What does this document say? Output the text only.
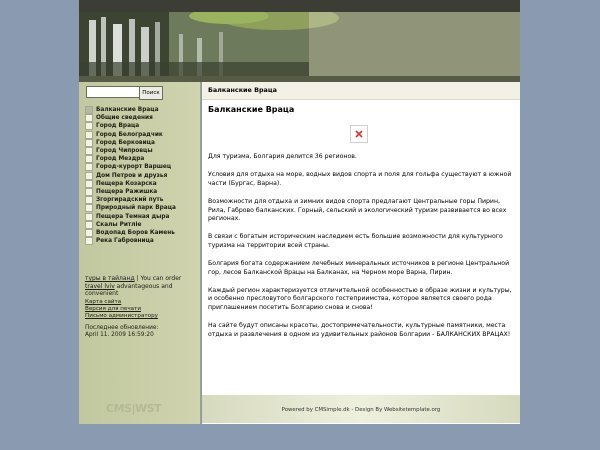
Поиск
Балканские Враца
Общие сведения
Город Враца
Город Белоградчик
Город Берковица
Город Чипровцы
Город Мездра
Город-курорт Варшец
Дом Петров и друзья
Пещера Козарска
Пещера Ражишка
Згоргирадский путь
Природный парк Враца
Пещера Темная дыра
Скалы Ритлiе
Водопад Боров Камень
Река Габровница
туры в тайланд | You can order travel lviv advantageous and convenient
Карта сайта
Версия для печати
Письмо администратору
Последнее обновление:
April 11. 2009 16:59:20
CMS|WST
Балканские Враца
Балканские Враца

Для туризма, Болгария делится 36 регионов.

Условия для отдыха на море, водных видов спорта и поля для гольфа существуют в южной части (Бургас, Варна).

Возможности для отдыха и зимних видов спорта предлагают Центральные горы Пирин, Рила, Габрово балканских. Горный, сельский и экологический туризм развивается во всех регионах.

В связи с богатым историческим наследием есть большие возможности для культурного туризма на территории всей страны.

Болгария богата содержанием лечебных минеральных источников в регионе Центральной гор, лесов Балканской Врацы на Балканах, на Черном море Варна, Пирин.

Каждый регион характеризуется отличительной особенностью в образе жизни и культуры, и особенно пресловутого болгарского гостеприимства, которое является своего рода приглашением посетить Болгарию снова и снова!

На сайте будут описаны красоты, достопримечательности, культурные памятники, места отдыха и развлечения в одном из удивительных районов Болгарии - БАЛКАНСКИХ ВРАЦАХ!

Powered by CMSimple.dk - Design By Websitetemplate.org
